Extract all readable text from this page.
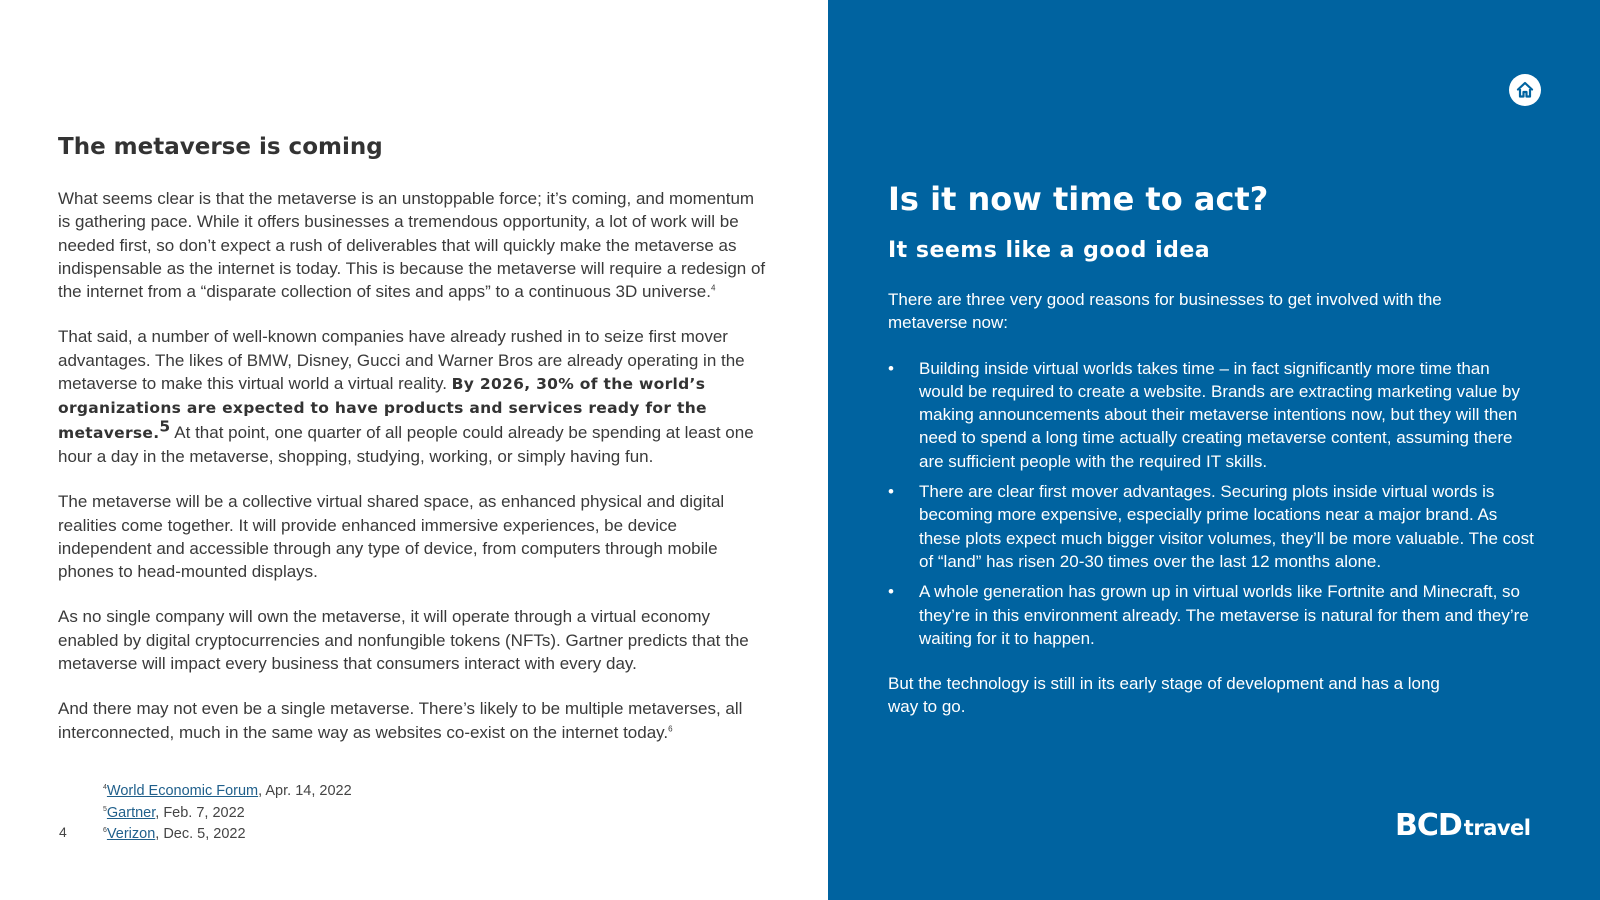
The metaverse is coming

What seems clear is that the metaverse is an unstoppable force; it’s coming, and momentum is gathering pace. While it offers businesses a tremendous opportunity, a lot of work will be needed first, so don’t expect a rush of deliverables that will quickly make the metaverse as indispensable as the internet is today. This is because the metaverse will require a redesign of the internet from a “disparate collection of sites and apps” to a continuous 3D universe.$^4$

That said, a number of well-known companies have already rushed in to seize first mover advantages. The likes of BMW, Disney, Gucci and Warner Bros are already operating in the metaverse to make this virtual world a virtual reality. By 2026, 30% of the world’s organizations are expected to have products and services ready for the metaverse.$^5$ At that point, one quarter of all people could already be spending at least one hour a day in the metaverse, shopping, studying, working, or simply having fun.

The metaverse will be a collective virtual shared space, as enhanced physical and digital realities come together. It will provide enhanced immersive experiences, be device independent and accessible through any type of device, from computers through mobile phones to head-mounted displays.

As no single company will own the metaverse, it will operate through a virtual economy enabled by digital cryptocurrencies and nonfungible tokens (NFTs). Gartner predicts that the metaverse will impact every business that consumers interact with every day.

And there may not even be a single metaverse. There’s likely to be multiple metaverses, all interconnected, much in the same way as websites co-exist on the internet today.$^6$

$^4$World Economic Forum, Apr. 14, 2022
$^5$Gartner, Feb. 7, 2022
$^6$Verizon, Dec. 5, 2022
4
Is it now time to act?
It seems like a good idea

There are three very good reasons for businesses to get involved with the metaverse now:

• Building inside virtual worlds takes time – in fact significantly more time than would be required to create a website. Brands are extracting marketing value by making announcements about their metaverse intentions now, but they will then need to spend a long time actually creating metaverse content, assuming there are sufficient people with the required IT skills.
• There are clear first mover advantages. Securing plots inside virtual words is becoming more expensive, especially prime locations near a major brand. As these plots expect much bigger visitor volumes, they’ll be more valuable. The cost of “land” has risen 20-30 times over the last 12 months alone.
• A whole generation has grown up in virtual worlds like Fortnite and Minecraft, so they’re in this environment already. The metaverse is natural for them and they’re waiting for it to happen.

But the technology is still in its early stage of development and has a long way to go.

BCDtravel
